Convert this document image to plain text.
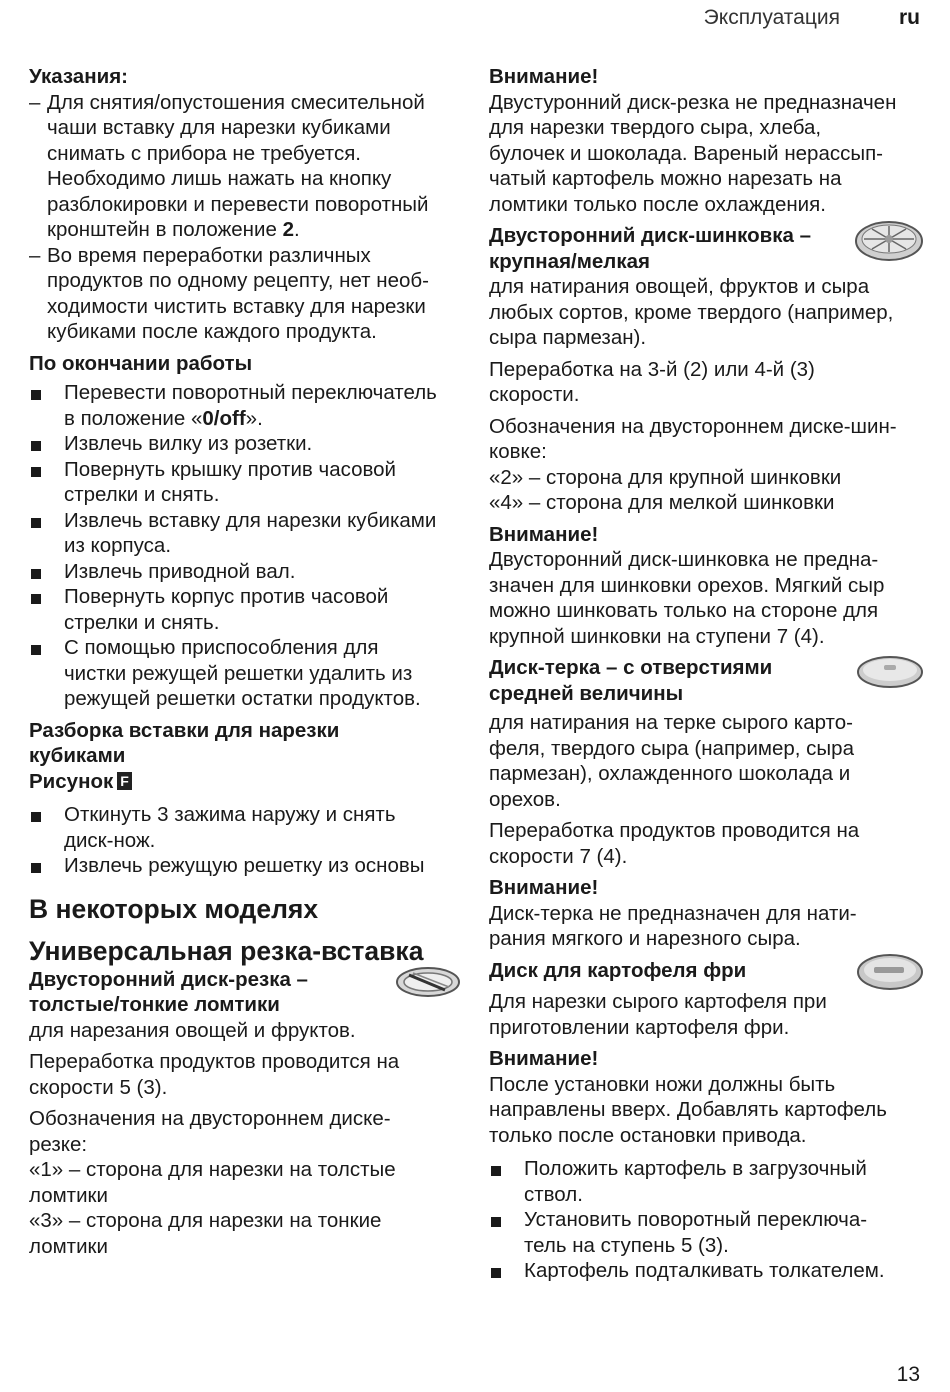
Эксплуатация	ru
Указания:
– Для снятия/опустошения смесительной
чаши вставку для нарезки кубиками
снимать с прибора не требуется.
Необходимо лишь нажать на кнопку
разблокировки и перевести поворотный
кронштейн в положение 2.
– Во время переработки различных
продуктов по одному рецепту, нет необ-
ходимости чистить вставку для нарезки
кубиками после каждого продукта.
По окончании работы
Перевести поворотный переключатель
в положение «0/off».
Извлечь вилку из розетки.
Повернуть крышку против часовой
стрелки и снять.
Извлечь вставку для нарезки кубиками
из корпуса.
Извлечь приводной вал.
Повернуть корпус против часовой
стрелки и снять.
С помощью приспособления для
чистки режущей решетки удалить из
режущей решетки остатки продуктов.
Разборка вставки для нарезки
кубиками
Рисунок F
Откинуть 3 зажима наружу и снять
диск-нож.
Извлечь режущую решетку из основы
В некоторых моделях
Универсальная резка-вставка
Двусторонний диск-резка –
толстые/тонкие ломтики
для нарезания овощей и фруктов.
Переработка продуктов проводится на
скорости 5 (3).
Обозначения на двустороннем диске-
резке:
«1» – сторона для нарезки на толстые
ломтики
«3» – сторона для нарезки на тонкие
ломтики
Внимание!
Двустуронний диск-резка не предназначен
для нарезки твердого сыра, хлеба,
булочек и шоколада. Вареный нерассып-
чатый картофель можно нарезать на
ломтики только после охлаждения.
Двусторонний диск-шинковка –
крупная/мелкая
для натирания овощей, фруктов и сыра
любых сортов, кроме твердого (например,
сыра пармезан).
Переработка на 3-й (2) или 4-й (3)
скорости.
Обозначения на двустороннем диске-шин-
ковке:
«2» – сторона для крупной шинковки
«4» – сторона для мелкой шинковки
Внимание!
Двусторонний диск-шинковка не предна-
значен для шинковки орехов. Мягкий сыр
можно шинковать только на стороне для
крупной шинковки на ступени 7 (4).
Диск-терка – с отверстиями
средней величины
для натирания на терке сырого карто-
феля, твердого сыра (например, сыра
пармезан), охлажденного шоколада и
орехов.
Переработка продуктов проводится на
скорости 7 (4).
Внимание!
Диск-терка не предназначен для нати-
рания мягкого и нарезного сыра.
Диск для картофеля фри
Для нарезки сырого картофеля при
приготовлении картофеля фри.
Внимание!
После установки ножи должны быть
направлены вверх. Добавлять картофель
только после остановки привода.
Положить картофель в загрузочный
ствол.
Установить поворотный переключа-
тель на ступень 5 (3).
Картофель подталкивать толкателем.
13
